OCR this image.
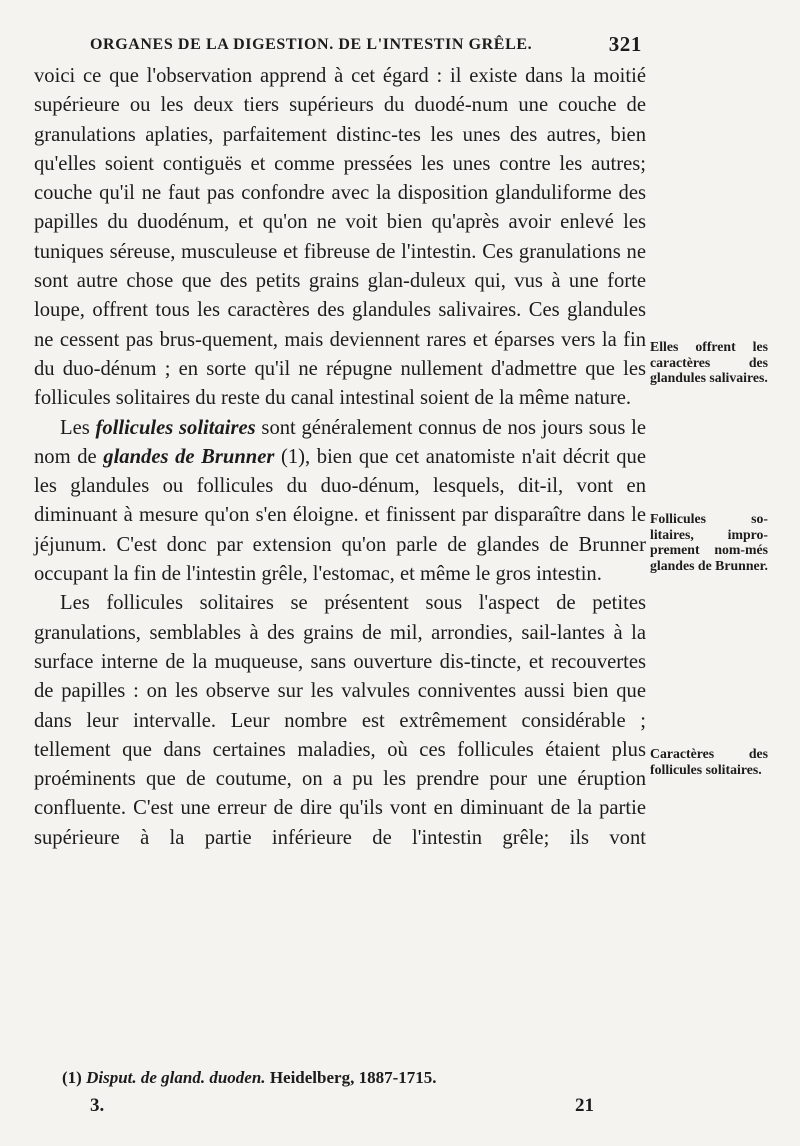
ORGANES DE LA DIGESTION. DE L'INTESTIN GRÊLE.	321

voici ce que l'observation apprend à cet égard : il existe dans la moitié supérieure ou les deux tiers supérieurs du duodé-num une couche de granulations aplaties, parfaitement distinc-tes les unes des autres, bien qu'elles soient contiguës et comme pressées les unes contre les autres; couche qu'il ne faut pas confondre avec la disposition glanduliforme des papilles du duodénum, et qu'on ne voit bien qu'après avoir enlevé les tuniques séreuse, musculeuse et fibreuse de l'intestin. Ces granulations ne sont autre chose que des petits grains glan-duleux qui, vus à une forte loupe, offrent tous les caractères des glandules salivaires. Ces glandules ne cessent pas brus-quement, mais deviennent rares et éparses vers la fin du duo-dénum ; en sorte qu'il ne répugne nullement d'admettre que les follicules solitaires du reste du canal intestinal soient de la même nature.

Les follicules solitaires sont généralement connus de nos jours sous le nom de glandes de Brunner (1), bien que cet anatomiste n'ait décrit que les glandules ou follicules du duo-dénum, lesquels, dit-il, vont en diminuant à mesure qu'on s'en éloigne. et finissent par disparaître dans le jéjunum. C'est donc par extension qu'on parle de glandes de Brunner occupant la fin de l'intestin grêle, l'estomac, et même le gros intestin.

Les follicules solitaires se présentent sous l'aspect de petites granulations, semblables à des grains de mil, arrondies, sail-lantes à la surface interne de la muqueuse, sans ouverture dis-tincte, et recouvertes de papilles : on les observe sur les valvules conniventes aussi bien que dans leur intervalle. Leur nombre est extrêmement considérable ; tellement que dans certaines maladies, où ces follicules étaient plus proéminents que de coutume, on a pu les prendre pour une éruption confluente. C'est une erreur de dire qu'ils vont en diminuant de la partie supérieure à la partie inférieure de l'intestin grêle; ils vont

Elles offrent les caractères des glandules salivaires.
Follicules so-litaires, impro-prement nom-més glandes de Brunner.
Caractères des follicules solitaires.
(1) Disput. de gland. duoden. Heidelberg, 1887-1715.
3.	21
